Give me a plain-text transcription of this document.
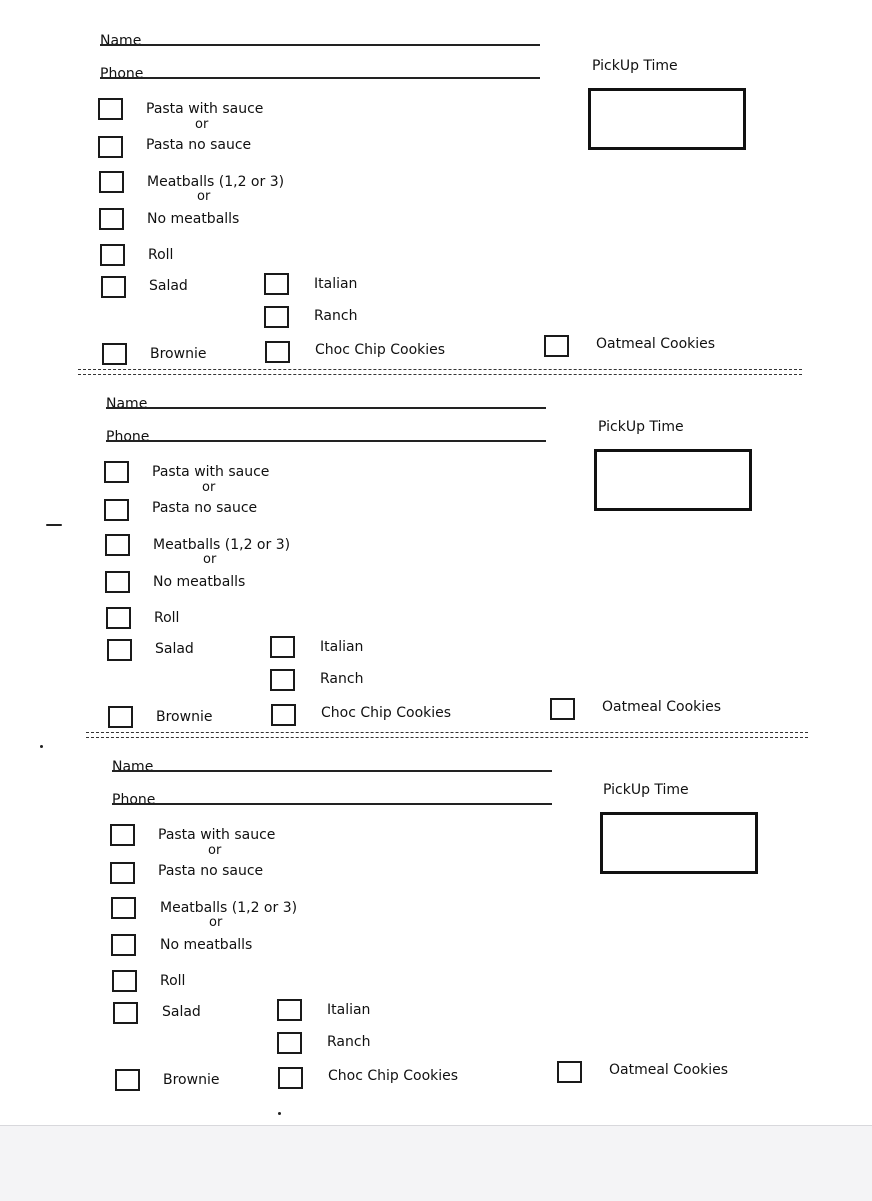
Name
Phone	PickUp Time
Pasta with sauce
or
Pasta no sauce
Meatballs (1,2 or 3)
or
No meatballs
Roll
Salad	Italian
Ranch
Brownie	Choc Chip Cookies	Oatmeal Cookies
Name
Phone
PickUp Time
Pasta with sauce
or
Pasta no sauce
Meatballs (1,2 or 3)
or
No meatballs
Roll
Salad	Italian
Ranch
Brownie	Choc Chip Cookies	Oatmeal Cookies
Name
Phone
PickUp Time
Pasta with sauce
or
Pasta no sauce
Meatballs (1,2 or 3)
or
No meatballs
Roll
Salad	Italian
Ranch
Brownie	Choc Chip Cookies	Oatmeal Cookies
